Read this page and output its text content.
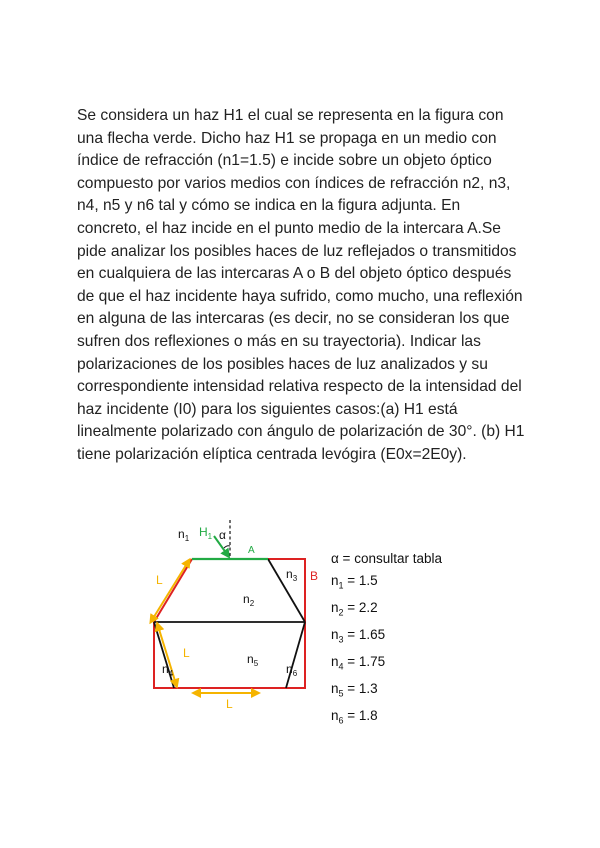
Se considera un haz H1 el cual se representa en la figura con una flecha verde. Dicho haz H1 se propaga en un medio con índice de refracción (n1=1.5) e incide sobre un objeto óptico compuesto por varios medios con índices de refracción n2, n3, n4, n5 y n6 tal y cómo se indica en la figura adjunta. En concreto, el haz incide en el punto medio de la intercara A.Se pide analizar los posibles haces de luz reflejados o transmitidos en cualquiera de las intercaras A o B del objeto óptico después de que el haz incidente haya sufrido, como mucho, una reflexión en alguna de las intercaras (es decir, no se consideran los que sufren dos reflexiones o más en su trayectoria). Indicar las polarizaciones de los posibles haces de luz analizados y su correspondiente intensidad relativa respecto de la intensidad del haz incidente (I0) para los siguientes casos:(a) H1 está linealmente polarizado con ángulo de polarización de 30°. (b) H1 tiene polarización elíptica centrada levógira (E0x=2E0y).
$n_1$ $H_1$ α
A
B
$n_2$
$n_3$
$n_4$
$n_5$ $n_6$
L
L
L
α = consultar tabla
$n_1 = 1.5$
$n_2 = 2.2$
$n_3 = 1.65$
$n_4 = 1.75$
$n_5 = 1.3$
$n_6 = 1.8$
